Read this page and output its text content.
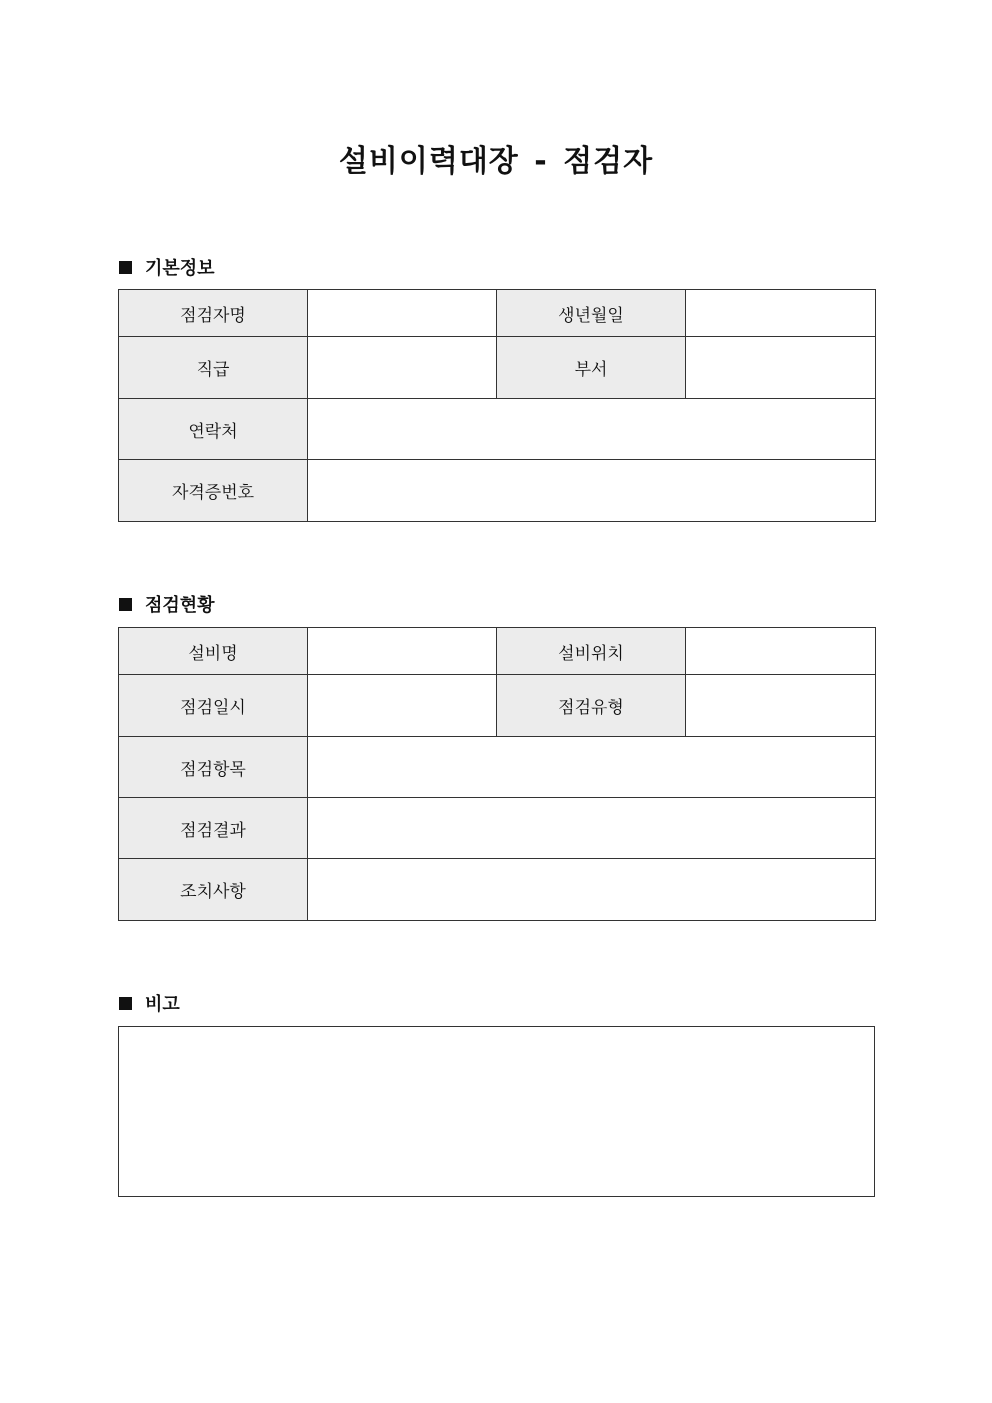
설비이력대장 - 점검자
기본정보
점검자명		생년월일	
직급		부서	
연락처			
자격증번호			
점검현황
설비명		설비위치	
점검일시		점검유형	
점검항목			
점검결과			
조치사항			
비고
